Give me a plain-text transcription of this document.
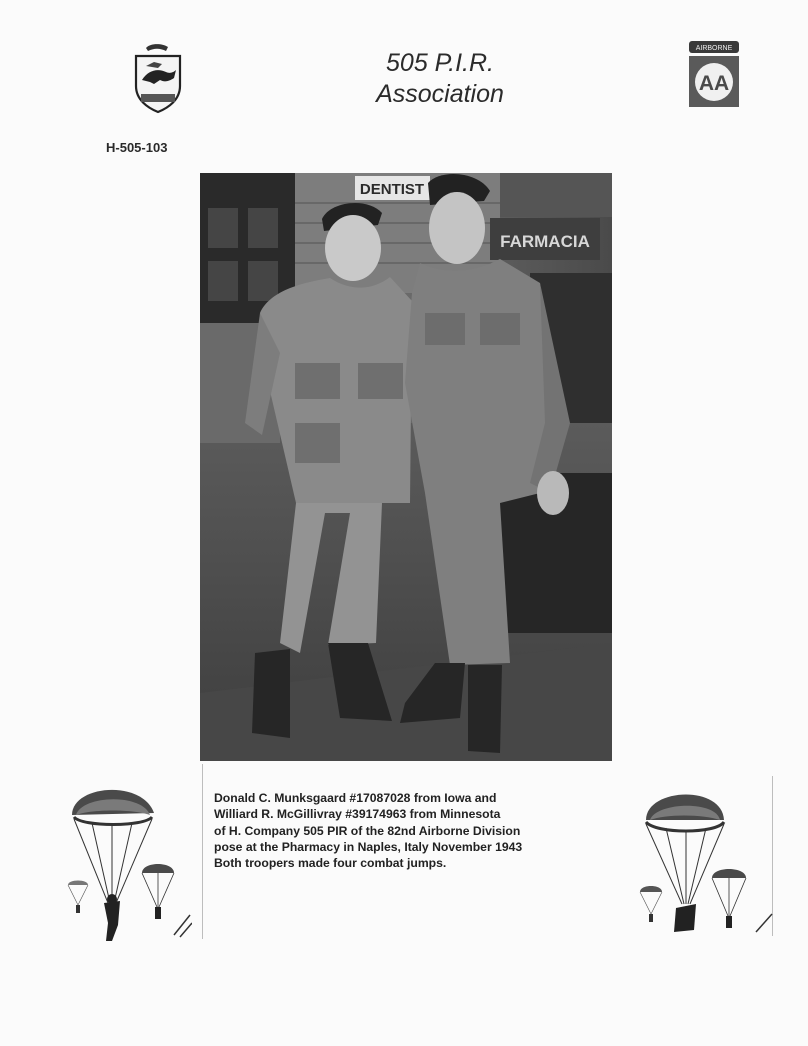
505 P.I.R.
Association
AIRBORNE
AA
H-505-103
DENTIST
FARMACIA
Donald C. Munksgaard #17087028 from Iowa and
Williard R. McGillivray #39174963 from Minnesota
of H. Company 505 PIR of the 82nd Airborne Division
pose at the Pharmacy in Naples, Italy November 1943
Both troopers made four combat jumps.
